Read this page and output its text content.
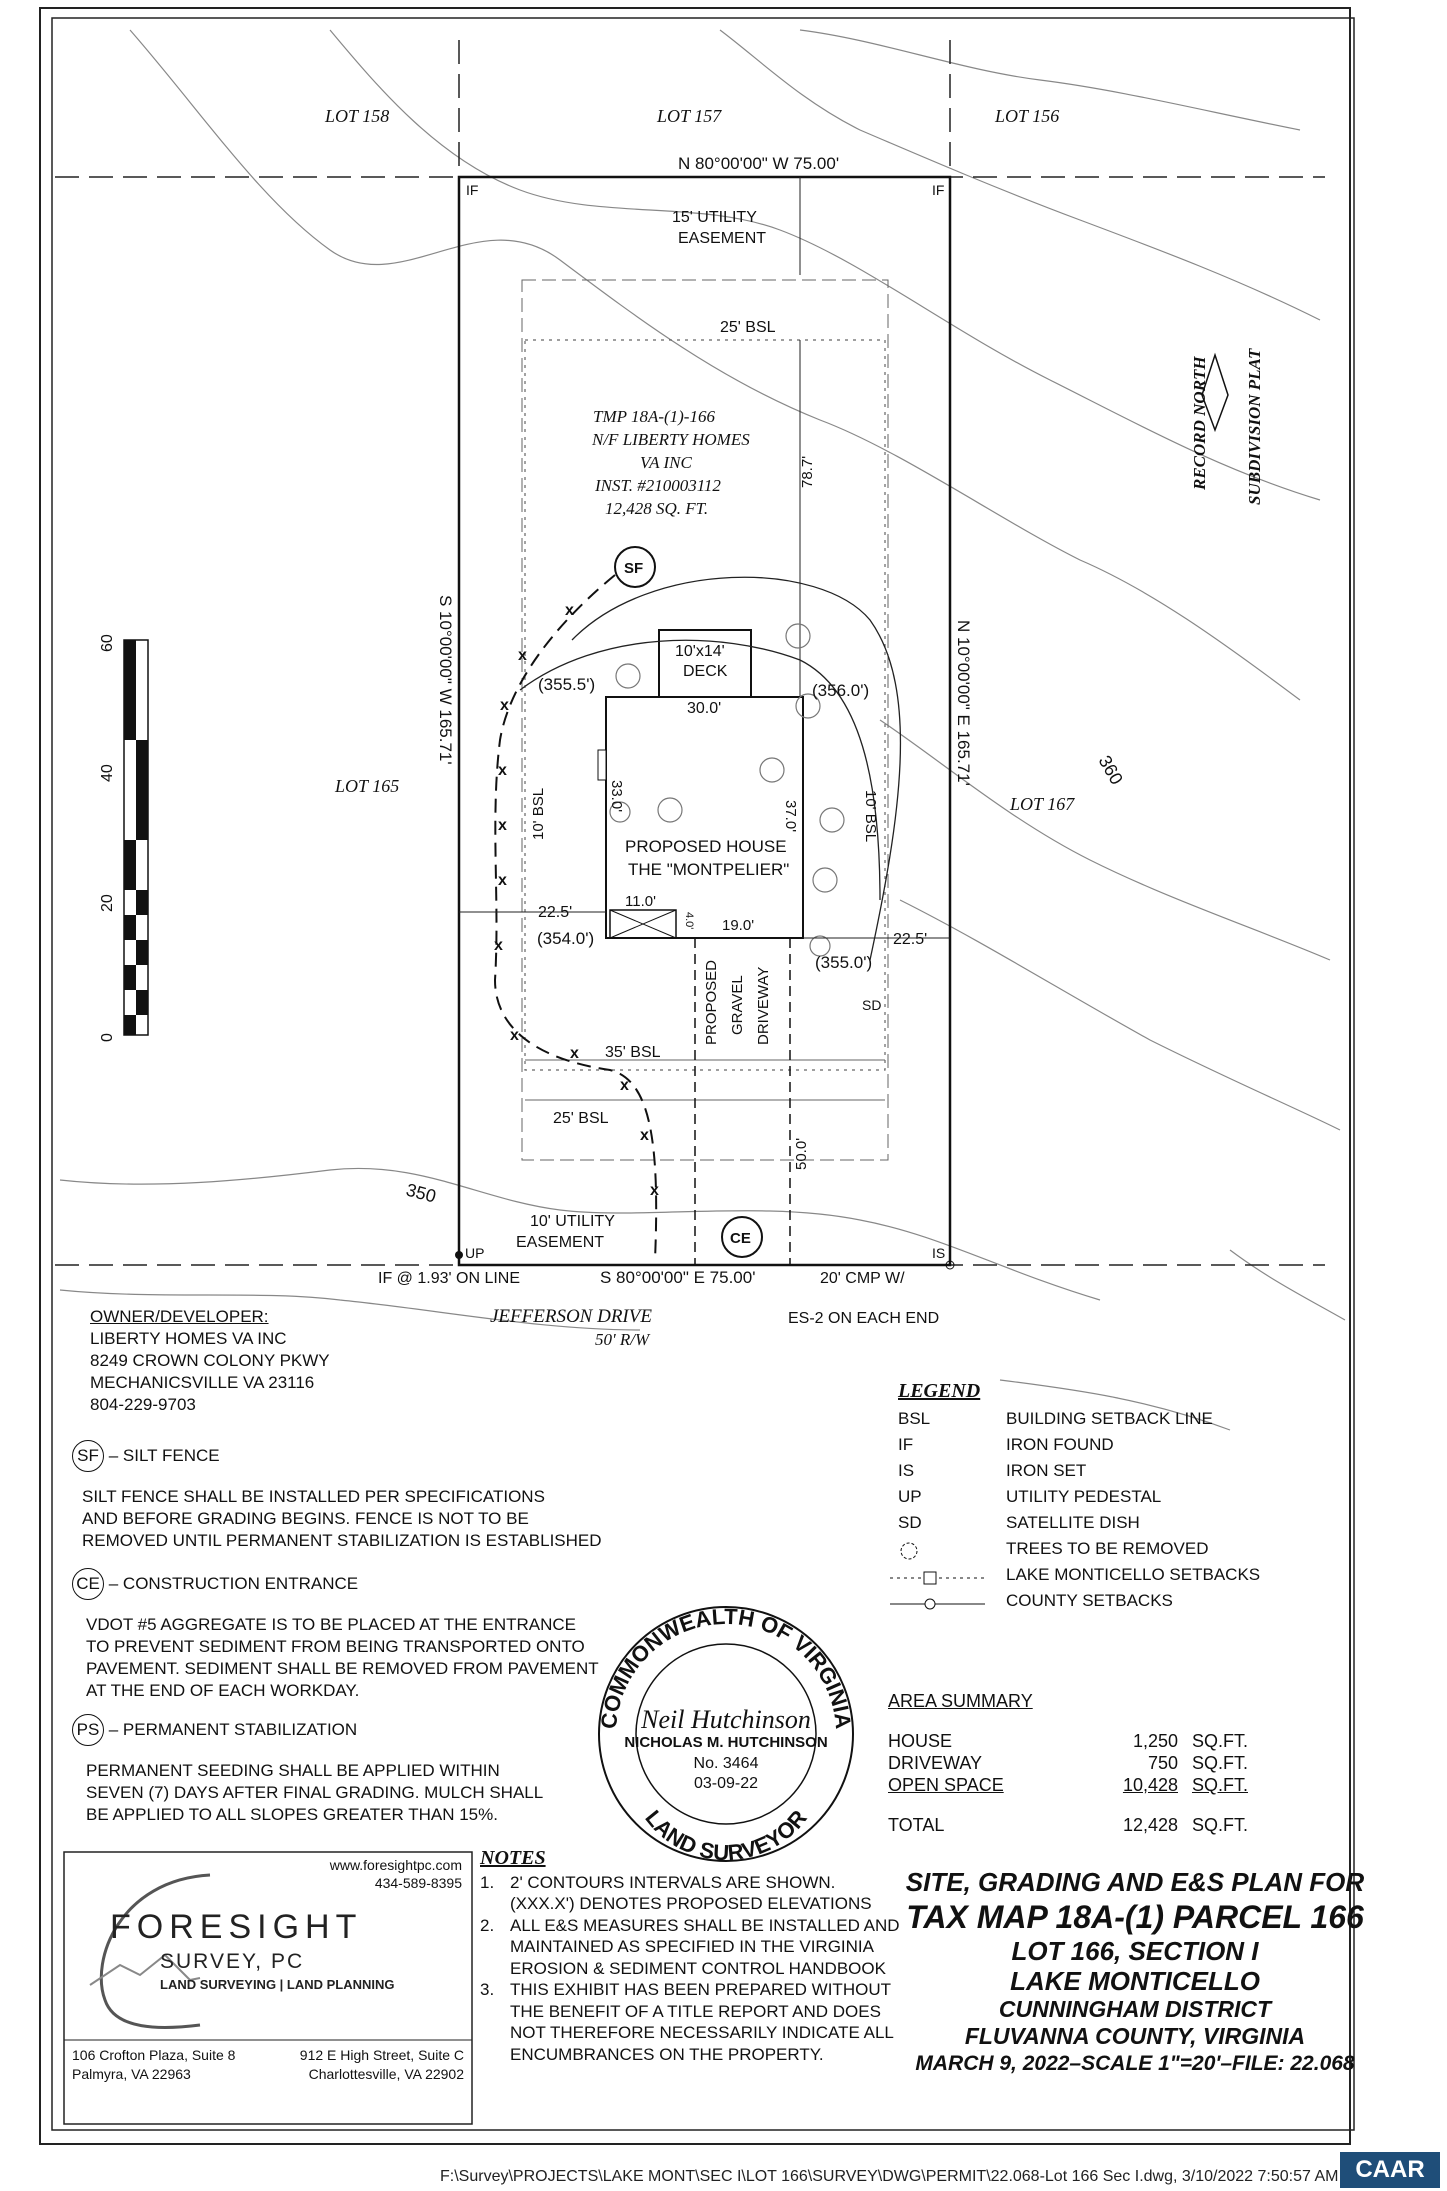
x
x
x
x
x
x
x
x
x
x
x
x
LOT 158	LOT 157	LOT 156
LOT 165
LOT 167
N 80°00'00" W 75.00'
S 80°00'00" E 75.00'
S 10°00'00" W 165.71'	N 10°00'00" E 165.71'
IF	IF
UP	IS
IF @ 1.93' ON LINE
15' UTILITY
EASEMENT
10' UTILITY
EASEMENT
25' BSL
25' BSL
35' BSL
10' BSL	10' BSL
TMP 18A-(1)-166
N/F LIBERTY HOMES
VA INC
INST. #210003112
12,428 SQ. FT.
PROPOSED HOUSE
THE "MONTPELIER"
10'x14'
DECK
30.0'
33.0'
37.0'
11.0'
19.0'
4.0'
PROPOSED GRAVEL DRIVEWAY
50.0'
78.7'
22.5'
22.5'
(355.5')	(356.0')
(354.0')
(355.0')
350
360
SF
CE
SD
20' CMP W/
ES-2 ON EACH END
JEFFERSON DRIVE
50' R/W
RECORD NORTH SUBDIVISION PLAT
0
20
40
60
COMMONWEALTH OF VIRGINIA
LAND SURVEYOR
Neil Hutchinson
NICHOLAS M. HUTCHINSON
No. 3464
03-09-22
OWNER/DEVELOPER:
LIBERTY HOMES VA INC
8249 CROWN COLONY PKWY
MECHANICSVILLE VA 23116
804-229-9703
SF – SILT FENCE
SILT FENCE SHALL BE INSTALLED PER SPECIFICATIONS
AND BEFORE GRADING BEGINS. FENCE IS NOT TO BE
REMOVED UNTIL PERMANENT STABILIZATION IS ESTABLISHED
CE – CONSTRUCTION ENTRANCE
VDOT #5 AGGREGATE IS TO BE PLACED AT THE ENTRANCE
TO PREVENT SEDIMENT FROM BEING TRANSPORTED ONTO
PAVEMENT. SEDIMENT SHALL BE REMOVED FROM PAVEMENT
AT THE END OF EACH WORKDAY.
PS – PERMANENT STABILIZATION
PERMANENT SEEDING SHALL BE APPLIED WITHIN
SEVEN (7) DAYS AFTER FINAL GRADING. MULCH SHALL
BE APPLIED TO ALL SLOPES GREATER THAN 15%.
LEGEND
BSL	BUILDING SETBACK LINE
IF	IRON FOUND
IS	IRON SET
UP	UTILITY PEDESTAL
SD	SATELLITE DISH
TREES TO BE REMOVED
LAKE MONTICELLO SETBACKS
COUNTY SETBACKS
AREA SUMMARY
HOUSE	1,250 SQ.FT.
DRIVEWAY	750 SQ.FT.
OPEN SPACE	10,428 SQ.FT.
TOTAL	12,428 SQ.FT.
www.foresightpc.com
434-589-8395
FORESIGHT
SURVEY, PC
LAND SURVEYING | LAND PLANNING
106 Crofton Plaza, Suite 8
Palmyra, VA 22963
912 E High Street, Suite C
Charlottesville, VA 22902
NOTES
1. 2' CONTOURS INTERVALS ARE SHOWN.
(XXX.X') DENOTES PROPOSED ELEVATIONS
2. ALL E&S MEASURES SHALL BE INSTALLED AND
MAINTAINED AS SPECIFIED IN THE VIRGINIA
EROSION & SEDIMENT CONTROL HANDBOOK
3. THIS EXHIBIT HAS BEEN PREPARED WITHOUT
THE BENEFIT OF A TITLE REPORT AND DOES
NOT THEREFORE NECESSARILY INDICATE ALL
ENCUMBRANCES ON THE PROPERTY.
SITE, GRADING AND E&S PLAN FOR
TAX MAP 18A-(1) PARCEL 166
LOT 166, SECTION I
LAKE MONTICELLO
CUNNINGHAM DISTRICT
FLUVANNA COUNTY, VIRGINIA
MARCH 9, 2022–SCALE 1"=20'–FILE: 22.068
F:\Survey\PROJECTS\LAKE MONT\SEC I\LOT 166\SURVEY\DWG\PERMIT\22.068-Lot 166 Sec I.dwg, 3/10/2022 7:50:57 AM CAAR
